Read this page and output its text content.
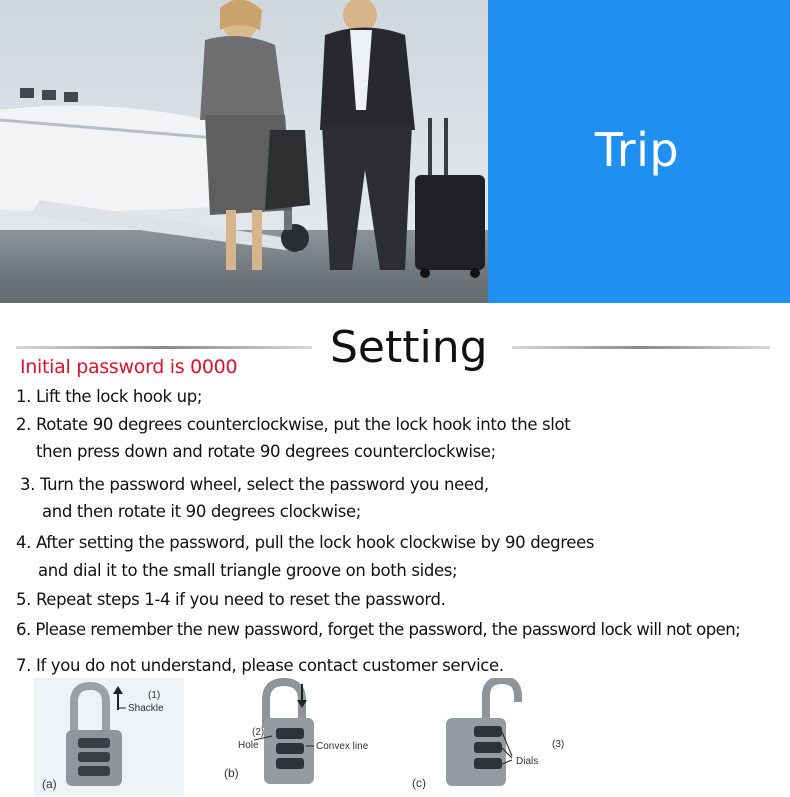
Trip
Setting
Initial password is 0000
1. Lift the lock hook up;
2. Rotate 90 degrees counterclockwise, put the lock hook into the slot
then press down and rotate 90 degrees counterclockwise;
3. Turn the password wheel, select the password you need,
and then rotate it 90 degrees clockwise;
4. After setting the password, pull the lock hook clockwise by 90 degrees
and dial it to the small triangle groove on both sides;
5. Repeat steps 1-4 if you need to reset the password.
6. Please remember the new password, forget the password, the password lock will not open;
7. If you do not understand, please contact customer service.
(1)
Shackle
(a)
(2)
Hole	Convex line
(b)
(3)
Dials
(c)
